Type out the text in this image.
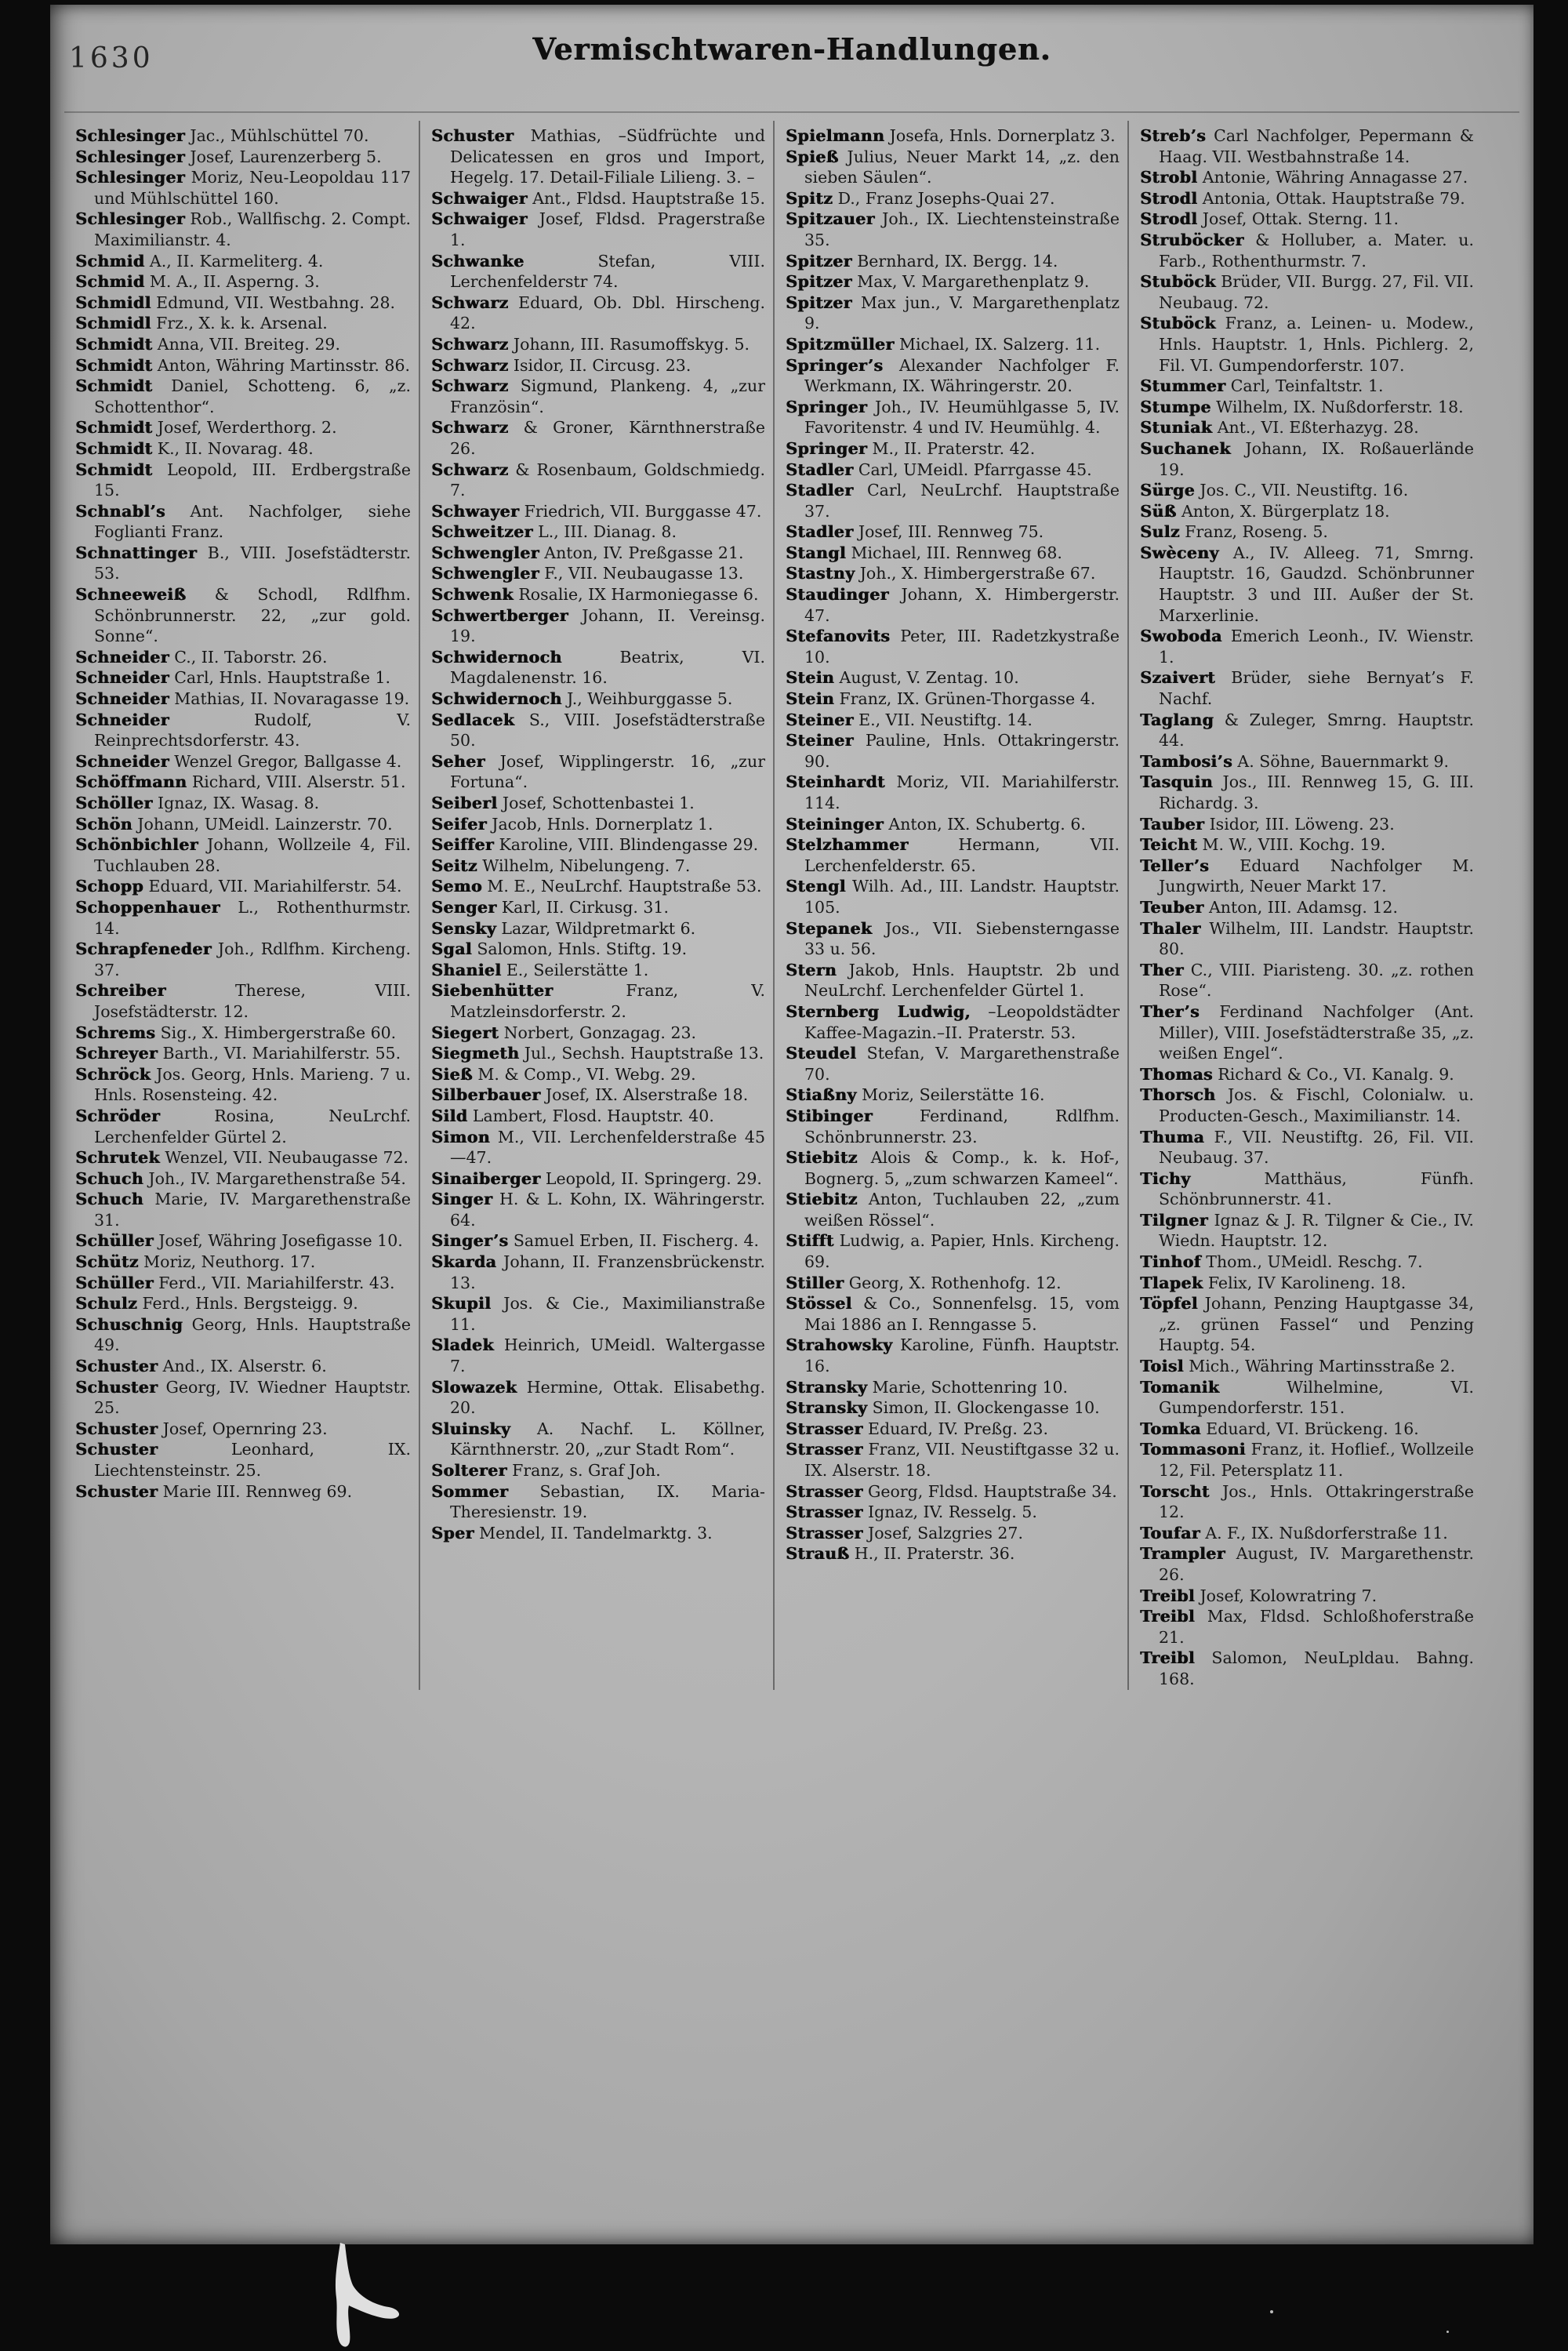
1630	Vermischtwaren-Handlungen.
Schlesinger Jac., Mühlschüttel 70.
Schlesinger Josef, Laurenzerberg 5.
Schlesinger Moriz, Neu-Leopoldau 117 und Mühlschüttel 160.
Schlesinger Rob., Wallfischg. 2. Compt. Maximilianstr. 4.
Schmid A., II. Karmeliterg. 4.
Schmid M. A., II. Asperng. 3.
Schmidl Edmund, VII. Westbahng. 28.
Schmidl Frz., X. k. k. Arsenal.
Schmidt Anna, VII. Breiteg. 29.
Schmidt Anton, Währing Martinsstr. 86.
Schmidt Daniel, Schotteng. 6, „z. Schottenthor“.
Schmidt Josef, Werderthorg. 2.
Schmidt K., II. Novarag. 48.
Schmidt Leopold, III. Erdbergstraße 15.
Schnabl’s Ant. Nachfolger, siehe Foglianti Franz.
Schnattinger B., VIII. Josefstädterstr. 53.
Schneeweiß & Schodl, Rdlfhm. Schönbrunnerstr. 22, „zur gold. Sonne“.
Schneider C., II. Taborstr. 26.
Schneider Carl, Hnls. Hauptstraße 1.
Schneider Mathias, II. Novaragasse 19.
Schneider Rudolf, V. Reinprechtsdorferstr. 43.
Schneider Wenzel Gregor, Ballgasse 4.
Schöffmann Richard, VIII. Alserstr. 51.
Schöller Ignaz, IX. Wasag. 8.
Schön Johann, UMeidl. Lainzerstr. 70.
Schönbichler Johann, Wollzeile 4, Fil. Tuchlauben 28.
Schopp Eduard, VII. Mariahilferstr. 54.
Schoppenhauer L., Rothenthurmstr. 14.
Schrapfeneder Joh., Rdlfhm. Kircheng. 37.
Schreiber Therese, VIII. Josefstädterstr. 12.
Schrems Sig., X. Himbergerstraße 60.
Schreyer Barth., VI. Mariahilferstr. 55.
Schröck Jos. Georg, Hnls. Marieng. 7 u. Hnls. Rosensteing. 42.
Schröder Rosina, NeuLrchf. Lerchenfelder Gürtel 2.
Schrutek Wenzel, VII. Neubaugasse 72.
Schuch Joh., IV. Margarethenstraße 54.
Schuch Marie, IV. Margarethenstraße 31.
Schüller Josef, Währing Josefigasse 10.
Schütz Moriz, Neuthorg. 17.
Schüller Ferd., VII. Mariahilferstr. 43.
Schulz Ferd., Hnls. Bergsteigg. 9.
Schuschnig Georg, Hnls. Hauptstraße 49.
Schuster And., IX. Alserstr. 6.
Schuster Georg, IV. Wiedner Hauptstr. 25.
Schuster Josef, Opernring 23.
Schuster Leonhard, IX. Liechtensteinstr. 25.
Schuster Marie III. Rennweg 69.
Schuster Mathias, –Südfrüchte und Delicatessen en gros und Import, Hegelg. 17. Detail-Filiale Lilieng. 3. –
Schwaiger Ant., Fldsd. Hauptstraße 15.
Schwaiger Josef, Fldsd. Pragerstraße 1.
Schwanke Stefan, VIII. Lerchenfelderstr 74.
Schwarz Eduard, Ob. Dbl. Hirscheng. 42.
Schwarz Johann, III. Rasumoffskyg. 5.
Schwarz Isidor, II. Circusg. 23.
Schwarz Sigmund, Plankeng. 4, „zur Französin“.
Schwarz & Groner, Kärnthnerstraße 26.
Schwarz & Rosenbaum, Goldschmiedg. 7.
Schwayer Friedrich, VII. Burggasse 47.
Schweitzer L., III. Dianag. 8.
Schwengler Anton, IV. Preßgasse 21.
Schwengler F., VII. Neubaugasse 13.
Schwenk Rosalie, IX Harmoniegasse 6.
Schwertberger Johann, II. Vereinsg. 19.
Schwidernoch Beatrix, VI. Magdalenenstr. 16.
Schwidernoch J., Weihburggasse 5.
Sedlacek S., VIII. Josefstädterstraße 50.
Seher Josef, Wipplingerstr. 16, „zur Fortuna“.
Seiberl Josef, Schottenbastei 1.
Seifer Jacob, Hnls. Dornerplatz 1.
Seiffer Karoline, VIII. Blindengasse 29.
Seitz Wilhelm, Nibelungeng. 7.
Semo M. E., NeuLrchf. Hauptstraße 53.
Senger Karl, II. Cirkusg. 31.
Sensky Lazar, Wildpretmarkt 6.
Sgal Salomon, Hnls. Stiftg. 19.
Shaniel E., Seilerstätte 1.
Siebenhütter Franz, V. Matzleinsdorferstr. 2.
Siegert Norbert, Gonzagag. 23.
Siegmeth Jul., Sechsh. Hauptstraße 13.
Sieß M. & Comp., VI. Webg. 29.
Silberbauer Josef, IX. Alserstraße 18.
Sild Lambert, Flosd. Hauptstr. 40.
Simon M., VII. Lerchenfelderstraße 45—47.
Sinaiberger Leopold, II. Springerg. 29.
Singer H. & L. Kohn, IX. Währingerstr. 64.
Singer’s Samuel Erben, II. Fischerg. 4.
Skarda Johann, II. Franzensbrückenstr. 13.
Skupil Jos. & Cie., Maximilianstraße 11.
Sladek Heinrich, UMeidl. Waltergasse 7.
Slowazek Hermine, Ottak. Elisabethg. 20.
Sluinsky A. Nachf. L. Köllner, Kärnthnerstr. 20, „zur Stadt Rom“.
Solterer Franz, s. Graf Joh.
Sommer Sebastian, IX. Maria-Theresienstr. 19.
Sper Mendel, II. Tandelmarktg. 3.
Spielmann Josefa, Hnls. Dornerplatz 3.
Spieß Julius, Neuer Markt 14, „z. den sieben Säulen“.
Spitz D., Franz Josephs-Quai 27.
Spitzauer Joh., IX. Liechtensteinstraße 35.
Spitzer Bernhard, IX. Bergg. 14.
Spitzer Max, V. Margarethenplatz 9.
Spitzer Max jun., V. Margarethenplatz 9.
Spitzmüller Michael, IX. Salzerg. 11.
Springer’s Alexander Nachfolger F. Werkmann, IX. Währingerstr. 20.
Springer Joh., IV. Heumühlgasse 5, IV. Favoritenstr. 4 und IV. Heumühlg. 4.
Springer M., II. Praterstr. 42.
Stadler Carl, UMeidl. Pfarrgasse 45.
Stadler Carl, NeuLrchf. Hauptstraße 37.
Stadler Josef, III. Rennweg 75.
Stangl Michael, III. Rennweg 68.
Stastny Joh., X. Himbergerstraße 67.
Staudinger Johann, X. Himbergerstr. 47.
Stefanovits Peter, III. Radetzkystraße 10.
Stein August, V. Zentag. 10.
Stein Franz, IX. Grünen-Thorgasse 4.
Steiner E., VII. Neustiftg. 14.
Steiner Pauline, Hnls. Ottakringerstr. 90.
Steinhardt Moriz, VII. Mariahilferstr. 114.
Steininger Anton, IX. Schubertg. 6.
Stelzhammer Hermann, VII. Lerchenfelderstr. 65.
Stengl Wilh. Ad., III. Landstr. Hauptstr. 105.
Stepanek Jos., VII. Siebensterngasse 33 u. 56.
Stern Jakob, Hnls. Hauptstr. 2b und NeuLrchf. Lerchenfelder Gürtel 1.
Sternberg Ludwig, –Leopoldstädter Kaffee-Magazin.–II. Praterstr. 53.
Steudel Stefan, V. Margarethenstraße 70.
Stiaßny Moriz, Seilerstätte 16.
Stibinger Ferdinand, Rdlfhm. Schönbrunnerstr. 23.
Stiebitz Alois & Comp., k. k. Hof-, Bognerg. 5, „zum schwarzen Kameel“.
Stiebitz Anton, Tuchlauben 22, „zum weißen Rössel“.
Stifft Ludwig, a. Papier, Hnls. Kircheng. 69.
Stiller Georg, X. Rothenhofg. 12.
Stössel & Co., Sonnenfelsg. 15, vom Mai 1886 an I. Renngasse 5.
Strahowsky Karoline, Fünfh. Hauptstr. 16.
Stransky Marie, Schottenring 10.
Stransky Simon, II. Glockengasse 10.
Strasser Eduard, IV. Preßg. 23.
Strasser Franz, VII. Neustiftgasse 32 u. IX. Alserstr. 18.
Strasser Georg, Fldsd. Hauptstraße 34.
Strasser Ignaz, IV. Resselg. 5.
Strasser Josef, Salzgries 27.
Strauß H., II. Praterstr. 36.
Streb’s Carl Nachfolger, Pepermann & Haag. VII. Westbahnstraße 14.
Strobl Antonie, Währing Annagasse 27.
Strodl Antonia, Ottak. Hauptstraße 79.
Strodl Josef, Ottak. Sterng. 11.
Struböcker & Holluber, a. Mater. u. Farb., Rothenthurmstr. 7.
Stuböck Brüder, VII. Burgg. 27, Fil. VII. Neubaug. 72.
Stuböck Franz, a. Leinen- u. Modew., Hnls. Hauptstr. 1, Hnls. Pichlerg. 2, Fil. VI. Gumpendorferstr. 107.
Stummer Carl, Teinfaltstr. 1.
Stumpe Wilhelm, IX. Nußdorferstr. 18.
Stuniak Ant., VI. Eßterhazyg. 28.
Suchanek Johann, IX. Roßauerlände 19.
Sürge Jos. C., VII. Neustiftg. 16.
Süß Anton, X. Bürgerplatz 18.
Sulz Franz, Roseng. 5.
Swèceny A., IV. Alleeg. 71, Smrng. Hauptstr. 16, Gaudzd. Schönbrunner Hauptstr. 3 und III. Außer der St. Marxerlinie.
Swoboda Emerich Leonh., IV. Wienstr. 1.
Szaivert Brüder, siehe Bernyat’s F. Nachf.
Taglang & Zuleger, Smrng. Hauptstr. 44.
Tambosi’s A. Söhne, Bauernmarkt 9.
Tasquin Jos., III. Rennweg 15, G. III. Richardg. 3.
Tauber Isidor, III. Löweng. 23.
Teicht M. W., VIII. Kochg. 19.
Teller’s Eduard Nachfolger M. Jungwirth, Neuer Markt 17.
Teuber Anton, III. Adamsg. 12.
Thaler Wilhelm, III. Landstr. Hauptstr. 80.
Ther C., VIII. Piaristeng. 30. „z. rothen Rose“.
Ther’s Ferdinand Nachfolger (Ant. Miller), VIII. Josefstädterstraße 35, „z. weißen Engel“.
Thomas Richard & Co., VI. Kanalg. 9.
Thorsch Jos. & Fischl, Colonialw. u. Producten-Gesch., Maximilianstr. 14.
Thuma F., VII. Neustiftg. 26, Fil. VII. Neubaug. 37.
Tichy Matthäus, Fünfh. Schönbrunnerstr. 41.
Tilgner Ignaz & J. R. Tilgner & Cie., IV. Wiedn. Hauptstr. 12.
Tinhof Thom., UMeidl. Reschg. 7.
Tlapek Felix, IV Karolineng. 18.
Töpfel Johann, Penzing Hauptgasse 34, „z. grünen Fassel“ und Penzing Hauptg. 54.
Toisl Mich., Währing Martinsstraße 2.
Tomanik Wilhelmine, VI. Gumpendorferstr. 151.
Tomka Eduard, VI. Brückeng. 16.
Tommasoni Franz, it. Hoflief., Wollzeile 12, Fil. Petersplatz 11.
Torscht Jos., Hnls. Ottakringerstraße 12.
Toufar A. F., IX. Nußdorferstraße 11.
Trampler August, IV. Margarethenstr. 26.
Treibl Josef, Kolowratring 7.
Treibl Max, Fldsd. Schloßhoferstraße 21.
Treibl Salomon, NeuLpldau. Bahng. 168.
